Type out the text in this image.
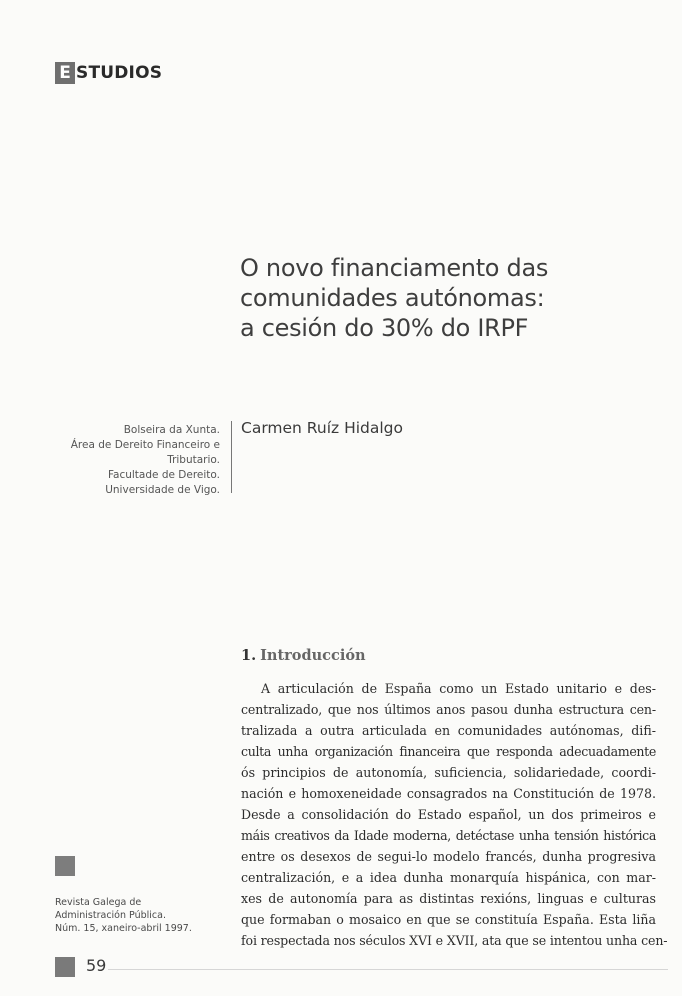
E STUDIOS
O novo financiamento das
comunidades autónomas:
a cesión do 30% do IRPF
Bolseira da Xunta.
Área de Dereito Financeiro e
Tributario.
Facultade de Dereito.
Universidade de Vigo.
Carmen Ruíz Hidalgo
1. Introducción
A articulación de España como un Estado unitario e des-
centralizado, que nos últimos anos pasou dunha estructura cen-
tralizada a outra articulada en comunidades autónomas, difi-
culta unha organización financeira que responda adecuadamente
ós principios de autonomía, suficiencia, solidariedade, coordi-
nación e homoxeneidade consagrados na Constitución de 1978.
Desde a consolidación do Estado español, un dos primeiros e
máis creativos da Idade moderna, detéctase unha tensión histórica
entre os desexos de segui-lo modelo francés, dunha progresiva
centralización, e a idea dunha monarquía hispánica, con mar-
xes de autonomía para as distintas rexións, linguas e culturas
que formaban o mosaico en que se constituía España. Esta liña
foi respectada nos séculos XVI e XVII, ata que se intentou unha cen-
Revista Galega de
Administración Pública.
Núm. 15, xaneiro-abril 1997.
59
